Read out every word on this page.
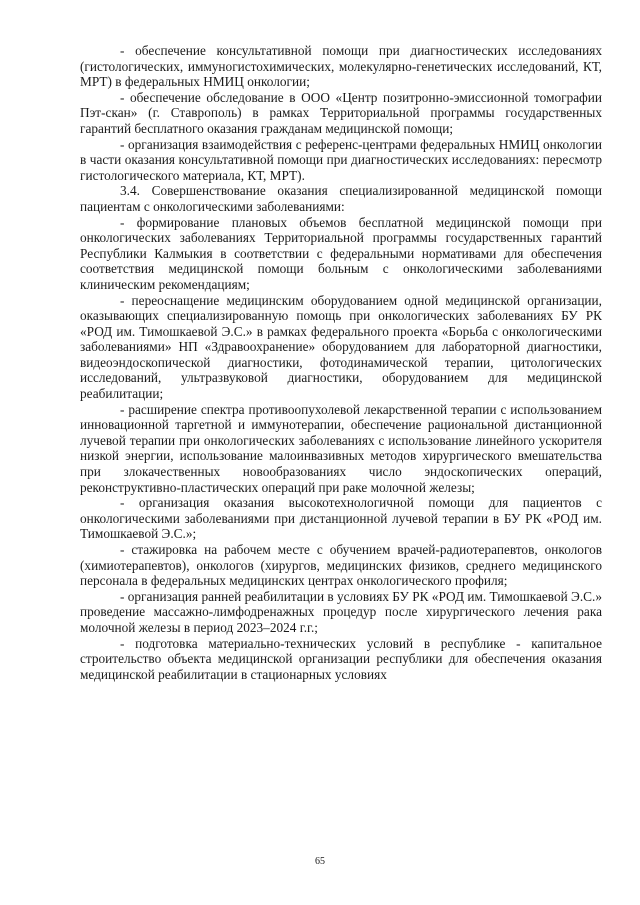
- обеспечение консультативной помощи при диагностических исследованиях (гистологических, иммуногистохимических, молекулярно-генетических исследований, КТ, МРТ) в федеральных НМИЦ онкологии;

- обеспечение обследование в ООО «Центр позитронно-эмиссионной томографии Пэт-скан» (г. Ставрополь) в рамках Территориальной программы государственных гарантий бесплатного оказания гражданам медицинской помощи;

- организация взаимодействия с референс-центрами федеральных НМИЦ онкологии в части оказания консультативной помощи при диагностических исследованиях: пересмотр гистологического материала, КТ, МРТ).

3.4. Совершенствование оказания специализированной медицинской помощи пациентам с онкологическими заболеваниями:

- формирование плановых объемов бесплатной медицинской помощи при онкологических заболеваниях Территориальной программы государственных гарантий Республики Калмыкия в соответствии с федеральными нормативами для обеспечения соответствия медицинской помощи больным с онкологическими заболеваниями клиническим рекомендациям;

- переоснащение медицинским оборудованием одной медицинской организации, оказывающих специализированную помощь при онкологических заболеваниях БУ РК «РОД им. Тимошкаевой Э.С.» в рамках федерального проекта «Борьба с онкологическими заболеваниями» НП «Здравоохранение» оборудованием для лабораторной диагностики, видеоэндоскопической диагностики, фотодинамической терапии, цитологических исследований, ультразвуковой диагностики, оборудованием для медицинской реабилитации;

- расширение спектра противоопухолевой лекарственной терапии с использованием инновационной таргетной и иммунотерапии, обеспечение рациональной дистанционной лучевой терапии при онкологических заболеваниях с использование линейного ускорителя низкой энергии, использование малоинвазивных методов хирургического вмешательства при злокачественных новообразованиях число эндоскопических операций, реконструктивно-пластических операций при раке молочной железы;

- организация оказания высокотехнологичной помощи для пациентов с онкологическими заболеваниями при дистанционной лучевой терапии в БУ РК «РОД им. Тимошкаевой Э.С.»;

- стажировка на рабочем месте с обучением врачей-радиотерапевтов, онкологов (химиотерапевтов), онкологов (хирургов, медицинских физиков, среднего медицинского персонала в федеральных медицинских центрах онкологического профиля;

- организация ранней реабилитации в условиях БУ РК «РОД им. Тимошкаевой Э.С.» проведение массажно-лимфодренажных процедур после хирургического лечения рака молочной железы в период 2023–2024 г.г.;

- подготовка материально-технических условий в республике - капитальное строительство объекта медицинской организации республики для обеспечения оказания медицинской реабилитации в стационарных условиях

65
